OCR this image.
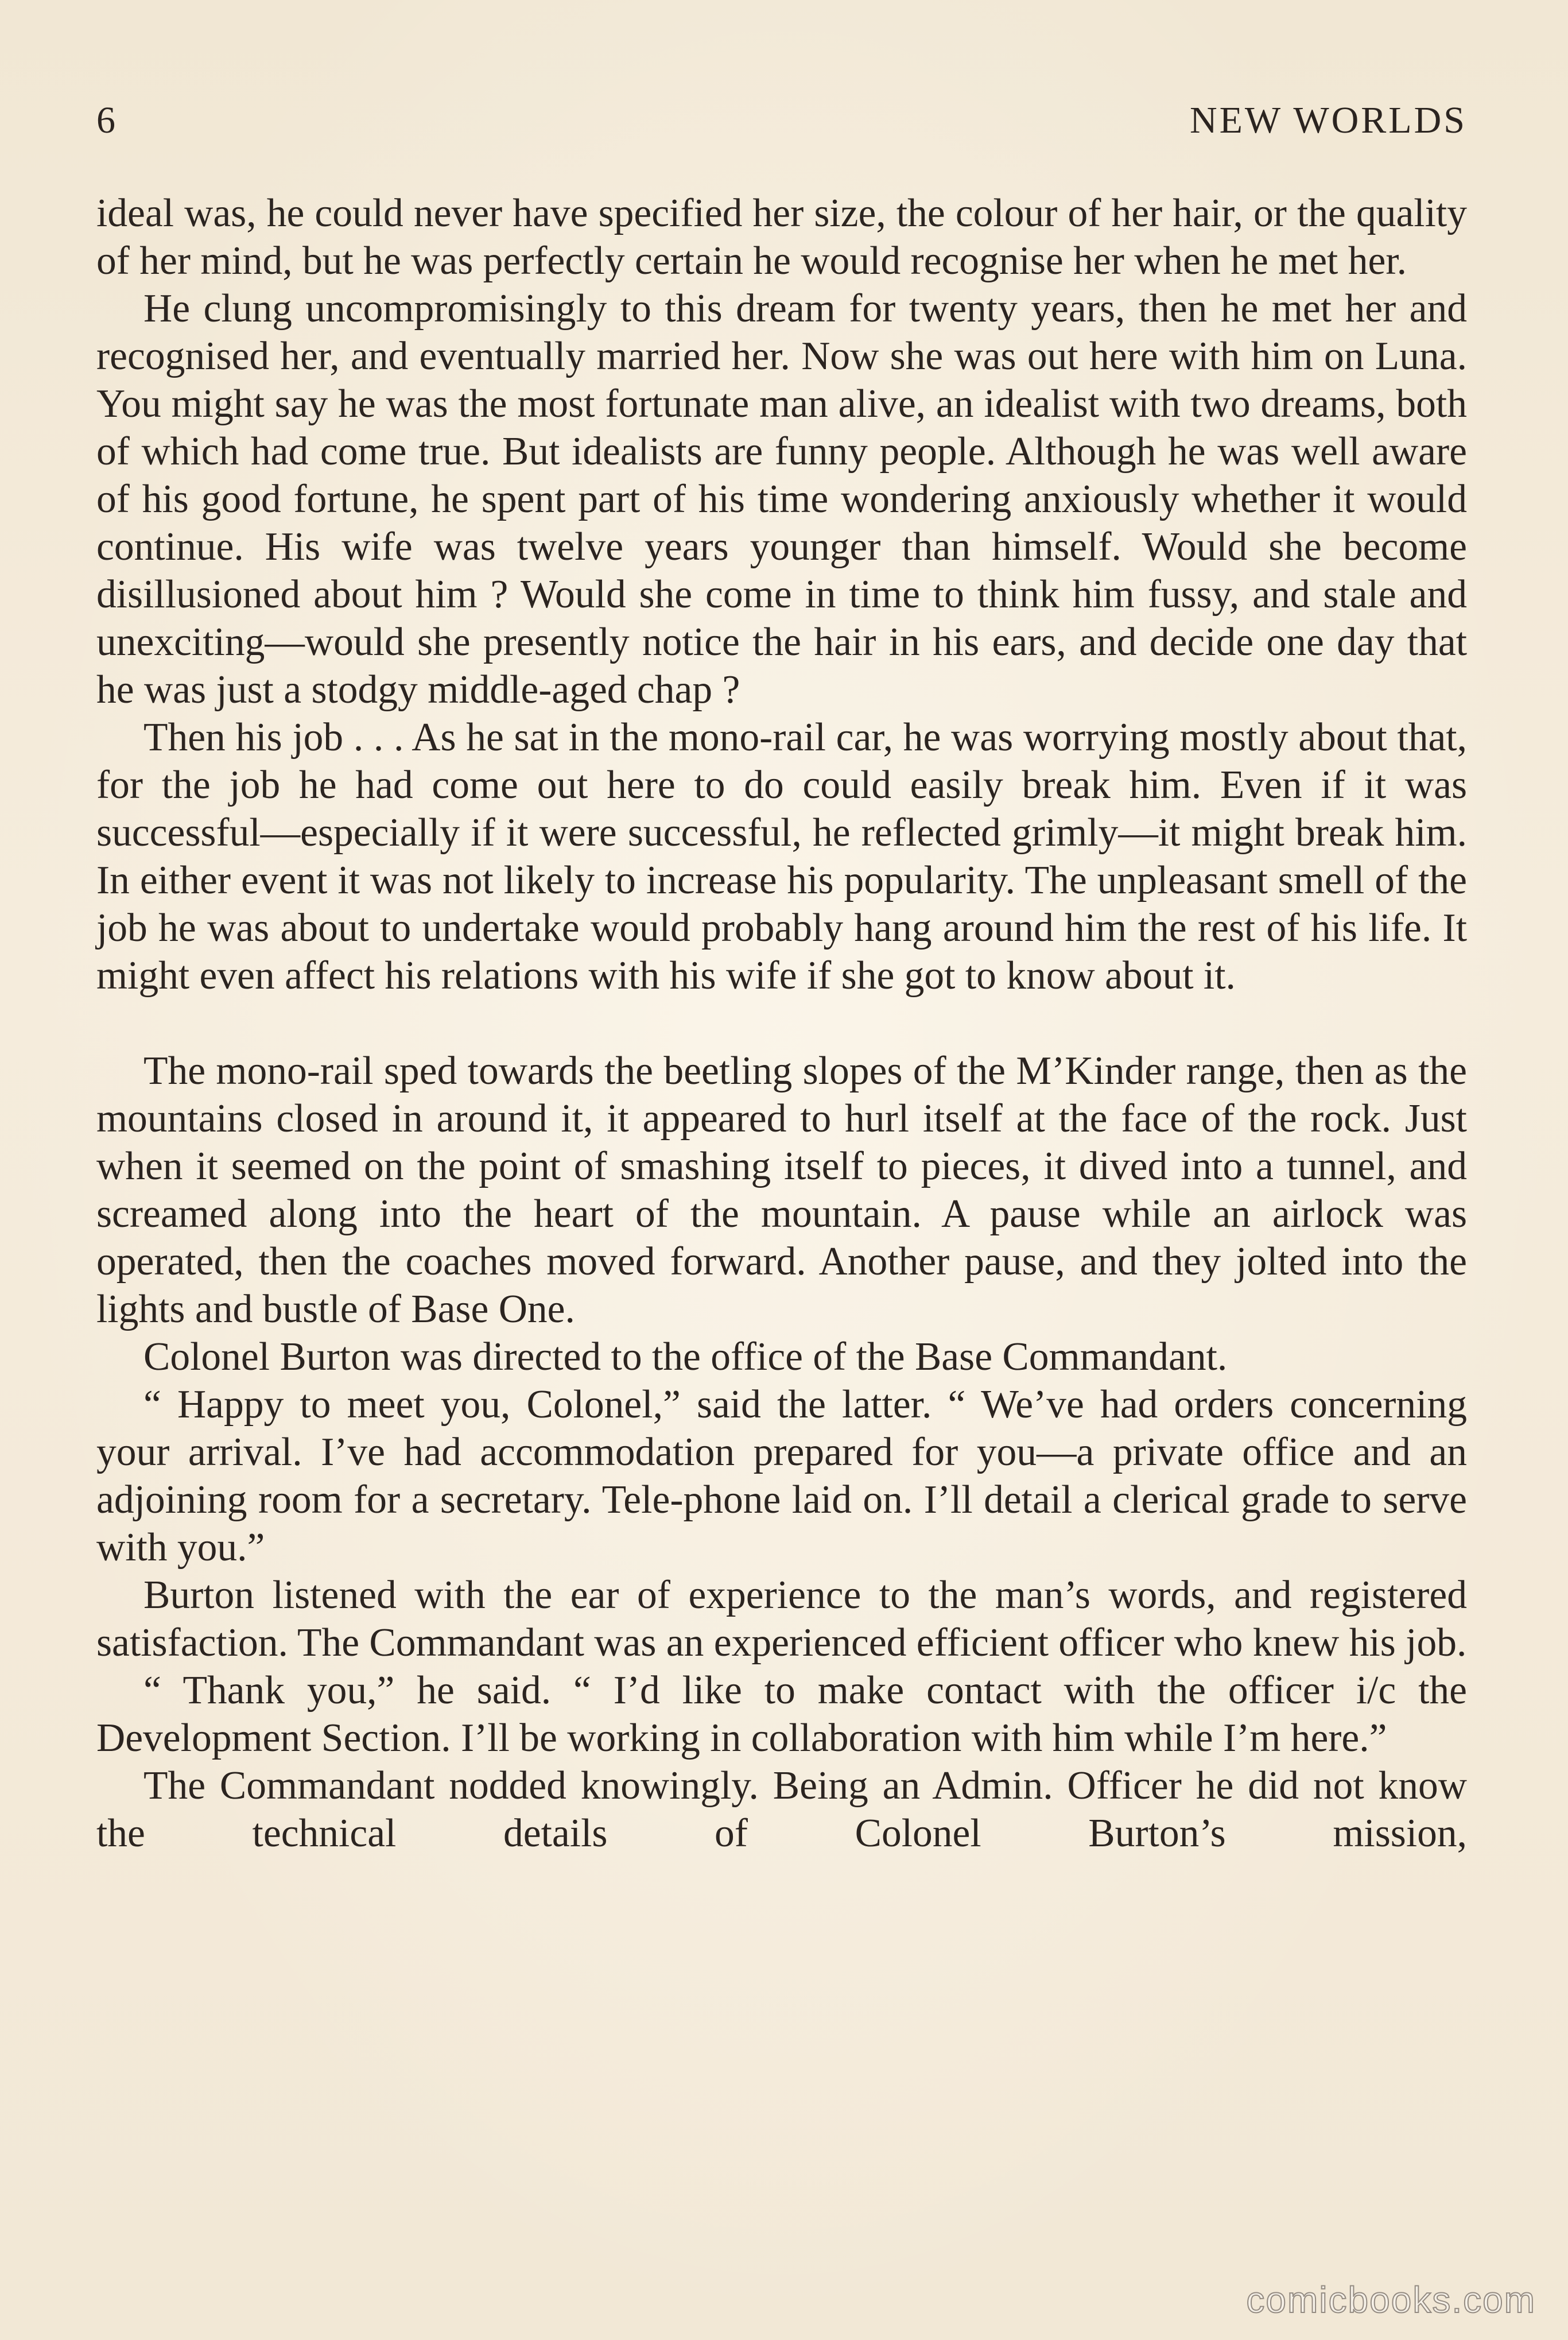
6	NEW WORLDS

ideal was, he could never have specified her size, the colour of her hair, or the quality of her mind, but he was perfectly certain he would recognise her when he met her.

He clung uncompromisingly to this dream for twenty years, then he met her and recognised her, and eventually married her. Now she was out here with him on Luna. You might say he was the most fortunate man alive, an idealist with two dreams, both of which had come true. But idealists are funny people. Although he was well aware of his good fortune, he spent part of his time wondering anxiously whether it would continue. His wife was twelve years younger than himself. Would she become disillusioned about him ? Would she come in time to think him fussy, and stale and unexciting—would she presently notice the hair in his ears, and decide one day that he was just a stodgy middle-aged chap ?

Then his job . . . As he sat in the mono-rail car, he was worrying mostly about that, for the job he had come out here to do could easily break him. Even if it was successful—especially if it were successful, he reflected grimly—it might break him. In either event it was not likely to increase his popularity. The unpleasant smell of the job he was about to undertake would probably hang around him the rest of his life. It might even affect his relations with his wife if she got to know about it.

The mono-rail sped towards the beetling slopes of the M’Kinder range, then as the mountains closed in around it, it appeared to hurl itself at the face of the rock. Just when it seemed on the point of smashing itself to pieces, it dived into a tunnel, and screamed along into the heart of the mountain. A pause while an airlock was operated, then the coaches moved forward. Another pause, and they jolted into the lights and bustle of Base One.

Colonel Burton was directed to the office of the Base Commandant.

“ Happy to meet you, Colonel,” said the latter. “ We’ve had orders concerning your arrival. I’ve had accommodation prepared for you—a private office and an adjoining room for a secretary. Tele-phone laid on. I’ll detail a clerical grade to serve with you.”

Burton listened with the ear of experience to the man’s words, and registered satisfaction. The Commandant was an experienced efficient officer who knew his job.

“ Thank you,” he said. “ I’d like to make contact with the officer i/c the Development Section. I’ll be working in collaboration with him while I’m here.”

The Commandant nodded knowingly. Being an Admin. Officer he did not know the technical details of Colonel Burton’s mission,

comicbooks.com
